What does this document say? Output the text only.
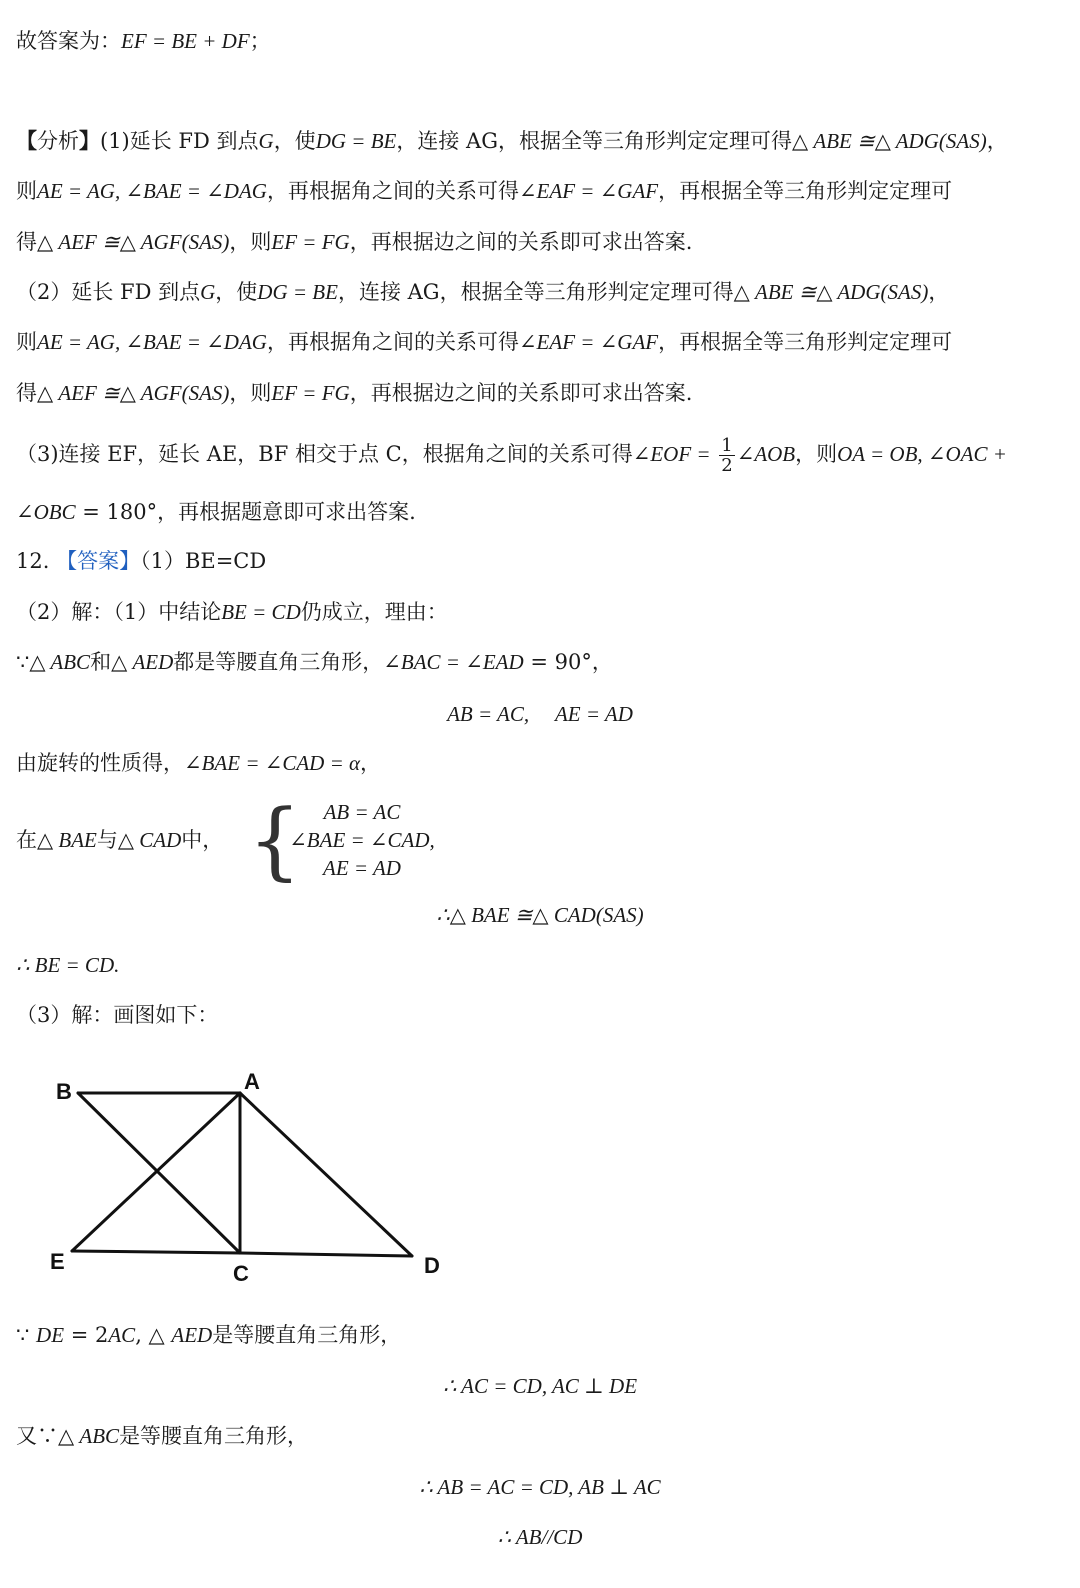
故答案为：EF = BE + DF；
【分析】(1)延长 FD 到点G，使DG = BE，连接 AG，根据全等三角形判定定理可得△ ABE ≅△ ADG(SAS)，
则AE = AG, ∠BAE = ∠DAG，再根据角之间的关系可得∠EAF = ∠GAF，再根据全等三角形判定定理可
得△ AEF ≅△ AGF(SAS)，则EF = FG，再根据边之间的关系即可求出答案.
（2）延长 FD 到点G，使DG = BE，连接 AG，根据全等三角形判定定理可得△ ABE ≅△ ADG(SAS)，
则AE = AG, ∠BAE = ∠DAG，再根据角之间的关系可得∠EAF = ∠GAF，再根据全等三角形判定定理可
得△ AEF ≅△ AGF(SAS)，则EF = FG，再根据边之间的关系即可求出答案.
（3)连接 EF，延长 AE，BF 相交于点 C，根据角之间的关系可得∠EOF = $\frac{1}{2}$ ∠AOB，则OA = OB, ∠OAC +
∠OBC = 180°，再根据题意即可求出答案.
12. 【答案】（1）BE=CD
（2）解：（1）中结论BE = CD仍成立，理由：
∵△ ABC和△ AED都是等腰直角三角形，∠BAC = ∠EAD = 90°，
AB = AC,     AE = AD
由旋转的性质得，∠BAE = ∠CAD = α，
在△ BAE与△ CAD中， {	AB = AC
∠BAE = ∠CAD,
AE = AD
∴△ BAE ≅△ CAD(SAS)
∴ BE = CD.
（3）解：画图如下：
B	A
E	C	D
∵ DE = 2AC, △ AED是等腰直角三角形，
∴ AC = CD, AC ⊥ DE
又∵△ ABC是等腰直角三角形，
∴ AB = AC = CD, AB ⊥ AC
∴ AB//CD
